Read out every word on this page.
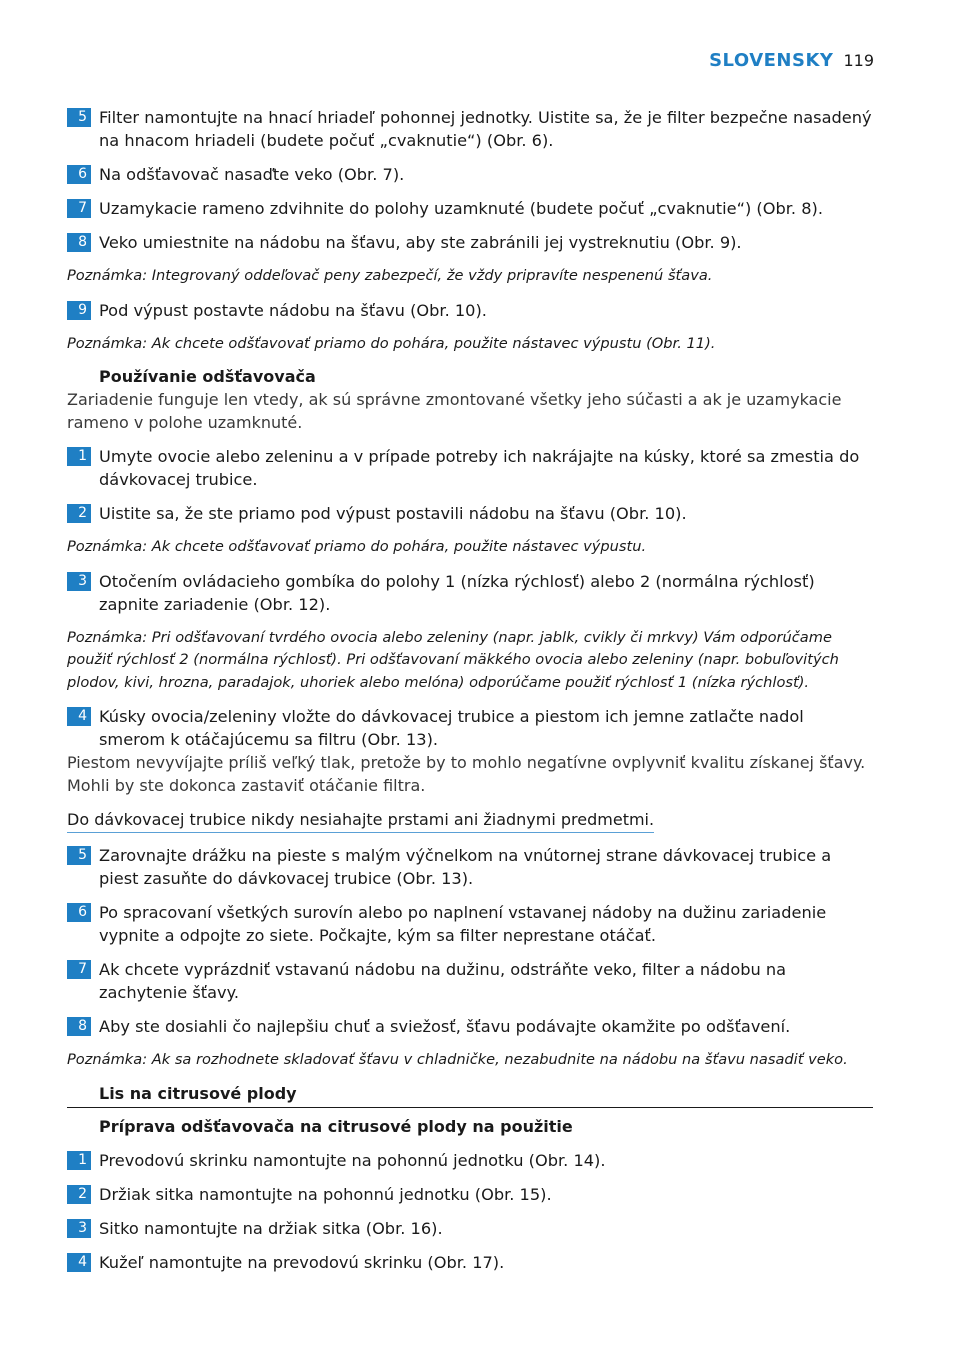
SLOVENSKY 119
5 Filter namontujte na hnací hriadeľ pohonnej jednotky. Uistite sa, že je filter bezpečne nasadený na hnacom hriadeli (budete počuť „cvaknutie“) (Obr. 6).
6 Na odšťavovač nasaďte veko (Obr. 7).
7 Uzamykacie rameno zdvihnite do polohy uzamknuté (budete počuť „cvaknutie“) (Obr. 8).
8 Veko umiestnite na nádobu na šťavu, aby ste zabránili jej vystreknutiu (Obr. 9).
Poznámka: Integrovaný oddeľovač peny zabezpečí, že vždy pripravíte nespenenú šťava.
9 Pod výpust postavte nádobu na šťavu (Obr. 10).
Poznámka: Ak chcete odšťavovať priamo do pohára, použite nástavec výpustu (Obr. 11).
Používanie odšťavovača
Zariadenie funguje len vtedy, ak sú správne zmontované všetky jeho súčasti a ak je uzamykacie rameno v polohe uzamknuté.
1 Umyte ovocie alebo zeleninu a v prípade potreby ich nakrájajte na kúsky, ktoré sa zmestia do dávkovacej trubice.
2 Uistite sa, že ste priamo pod výpust postavili nádobu na šťavu (Obr. 10).
Poznámka: Ak chcete odšťavovať priamo do pohára, použite nástavec výpustu.
3 Otočením ovládacieho gombíka do polohy 1 (nízka rýchlosť) alebo 2 (normálna rýchlosť) zapnite zariadenie (Obr. 12).
Poznámka: Pri odšťavovaní tvrdého ovocia alebo zeleniny (napr. jablk, cvikly či mrkvy) Vám odporúčame použiť rýchlosť 2 (normálna rýchlosť). Pri odšťavovaní mäkkého ovocia alebo zeleniny (napr. bobuľovitých plodov, kivi, hrozna, paradajok, uhoriek alebo melóna) odporúčame použiť rýchlosť 1 (nízka rýchlosť).
4 Kúsky ovocia/zeleniny vložte do dávkovacej trubice a piestom ich jemne zatlačte nadol smerom k otáčajúcemu sa filtru (Obr. 13).
Piestom nevyvíjajte príliš veľký tlak, pretože by to mohlo negatívne ovplyvniť kvalitu získanej šťavy. Mohli by ste dokonca zastaviť otáčanie filtra.
Do dávkovacej trubice nikdy nesiahajte prstami ani žiadnymi predmetmi.
5 Zarovnajte drážku na pieste s malým výčnelkom na vnútornej strane dávkovacej trubice a piest zasuňte do dávkovacej trubice (Obr. 13).
6 Po spracovaní všetkých surovín alebo po naplnení vstavanej nádoby na dužinu zariadenie vypnite a odpojte zo siete. Počkajte, kým sa filter neprestane otáčať.
7 Ak chcete vyprázdniť vstavanú nádobu na dužinu, odstráňte veko, filter a nádobu na zachytenie šťavy.
8 Aby ste dosiahli čo najlepšiu chuť a sviežosť, šťavu podávajte okamžite po odšťavení.
Poznámka: Ak sa rozhodnete skladovať šťavu v chladničke, nezabudnite na nádobu na šťavu nasadiť veko.
Lis na citrusové plody
Príprava odšťavovača na citrusové plody na použitie
1 Prevodovú skrinku namontujte na pohonnú jednotku (Obr. 14).
2 Držiak sitka namontujte na pohonnú jednotku (Obr. 15).
3 Sitko namontujte na držiak sitka (Obr. 16).
4 Kužeľ namontujte na prevodovú skrinku (Obr. 17).
